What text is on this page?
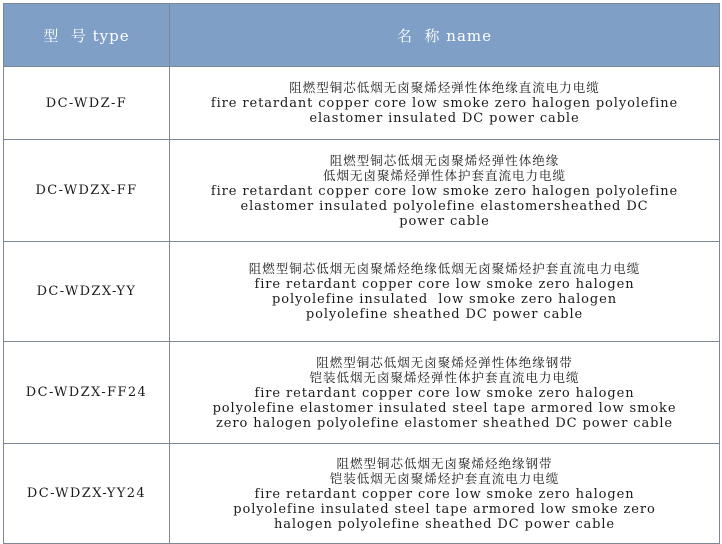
型  号 type	名  称 name
DC-WDZ-F	阻燃型铜芯低烟无卤聚烯烃弹性体绝缘直流电力电缆
fire retardant copper core low smoke zero halogen polyolefine
elastomer insulated DC power cable

DC-WDZX-FF	阻燃型铜芯低烟无卤聚烯烃弹性体绝缘
低烟无卤聚烯烃弹性体护套直流电力电缆
fire retardant copper core low smoke zero halogen polyolefine
elastomer insulated polyolefine elastomersheathed DC
power cable

DC-WDZX-YY	阻燃型铜芯低烟无卤聚烯烃绝缘低烟无卤聚烯烃护套直流电力电缆
fire retardant copper core low smoke zero halogen
polyolefine insulated  low smoke zero halogen
polyolefine sheathed DC power cable

DC-WDZX-FF24	阻燃型铜芯低烟无卤聚烯烃弹性体绝缘钢带
铠装低烟无卤聚烯烃弹性体护套直流电力电缆
fire retardant copper core low smoke zero halogen
polyolefine elastomer insulated steel tape armored low smoke
zero halogen polyolefine elastomer sheathed DC power cable

DC-WDZX-YY24	阻燃型铜芯低烟无卤聚烯烃绝缘钢带
铠装低烟无卤聚烯烃护套直流电力电缆
fire retardant copper core low smoke zero halogen
polyolefine insulated steel tape armored low smoke zero
halogen polyolefine sheathed DC power cable
